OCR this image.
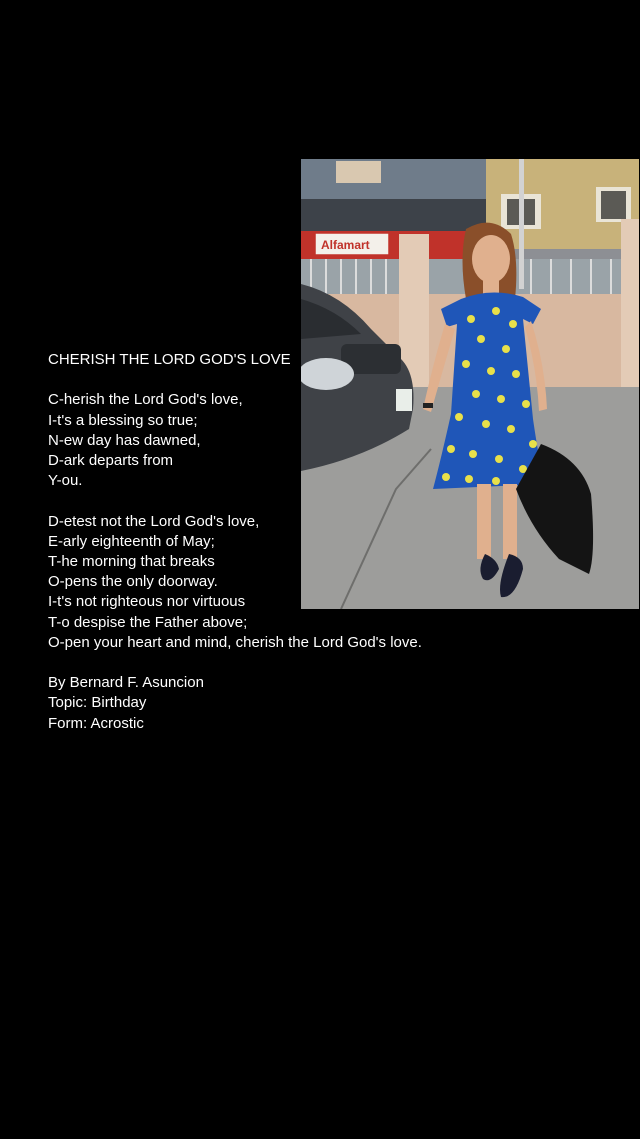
Alfamart
CHERISH THE LORD GOD'S LOVE
C-herish the Lord God's love,
I-t's a blessing so true;
N-ew day has dawned,
D-ark departs from
Y-ou.
D-etest not the Lord God's love,
E-arly eighteenth of May;
T-he morning that breaks
O-pens the only doorway.
I-t's not righteous nor virtuous
T-o despise the Father above;
O-pen your heart and mind, cherish the Lord God's love.
By Bernard F. Asuncion
Topic: Birthday
Form: Acrostic
